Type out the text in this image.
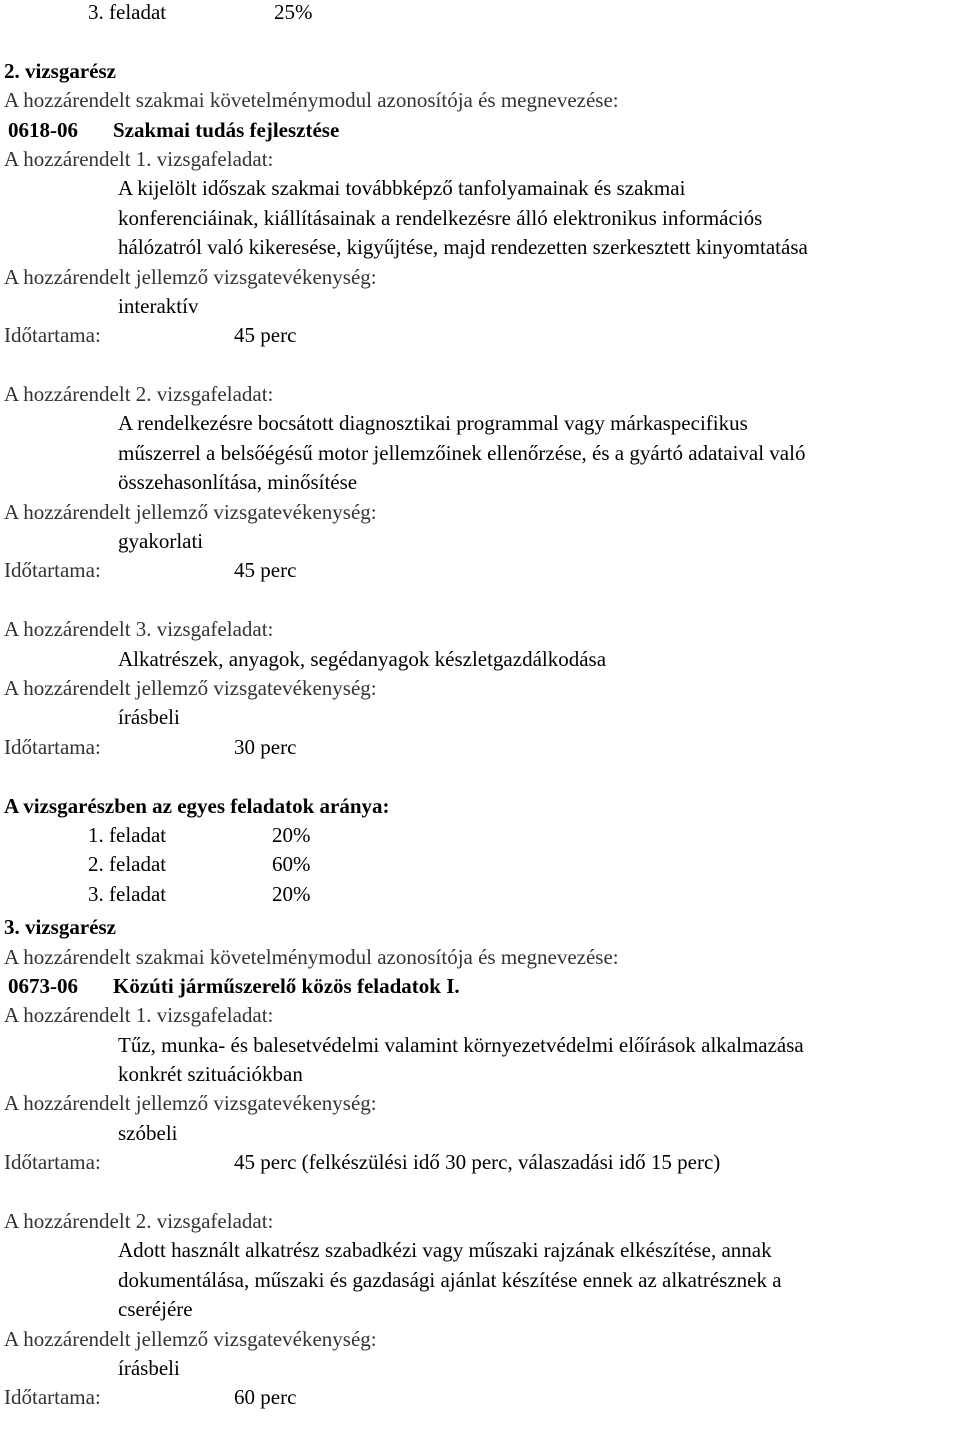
3. feladat	25%
2. vizsgarész
A hozzárendelt szakmai követelménymodul azonosítója és megnevezése:
0618-06 Szakmai tudás fejlesztése
A hozzárendelt 1. vizsgafeladat:
A kijelölt időszak szakmai továbbképző tanfolyamainak és szakmai
konferenciáinak, kiállításainak a rendelkezésre álló elektronikus információs
hálózatról való kikeresése, kigyűjtése, majd rendezetten szerkesztett kinyomtatása
A hozzárendelt jellemző vizsgatevékenység:
interaktív
Időtartama:	45 perc
A hozzárendelt 2. vizsgafeladat:
A rendelkezésre bocsátott diagnosztikai programmal vagy márkaspecifikus
műszerrel a belsőégésű motor jellemzőinek ellenőrzése, és a gyártó adataival való
összehasonlítása, minősítése
A hozzárendelt jellemző vizsgatevékenység:
gyakorlati
Időtartama:	45 perc
A hozzárendelt 3. vizsgafeladat:
Alkatrészek, anyagok, segédanyagok készletgazdálkodása
A hozzárendelt jellemző vizsgatevékenység:
írásbeli
Időtartama:	30 perc
A vizsgarészben az egyes feladatok aránya:
1. feladat	20%
2. feladat	60%
3. feladat	20%
3. vizsgarész
A hozzárendelt szakmai követelménymodul azonosítója és megnevezése:
0673-06 Közúti járműszerelő közös feladatok I.
A hozzárendelt 1. vizsgafeladat:
Tűz, munka- és balesetvédelmi valamint környezetvédelmi előírások alkalmazása
konkrét szituációkban
A hozzárendelt jellemző vizsgatevékenység:
szóbeli
Időtartama:	45 perc (felkészülési idő 30 perc, válaszadási idő 15 perc)
A hozzárendelt 2. vizsgafeladat:
Adott használt alkatrész szabadkézi vagy műszaki rajzának elkészítése, annak
dokumentálása, műszaki és gazdasági ajánlat készítése ennek az alkatrésznek a
cseréjére
A hozzárendelt jellemző vizsgatevékenység:
írásbeli
Időtartama:	60 perc
